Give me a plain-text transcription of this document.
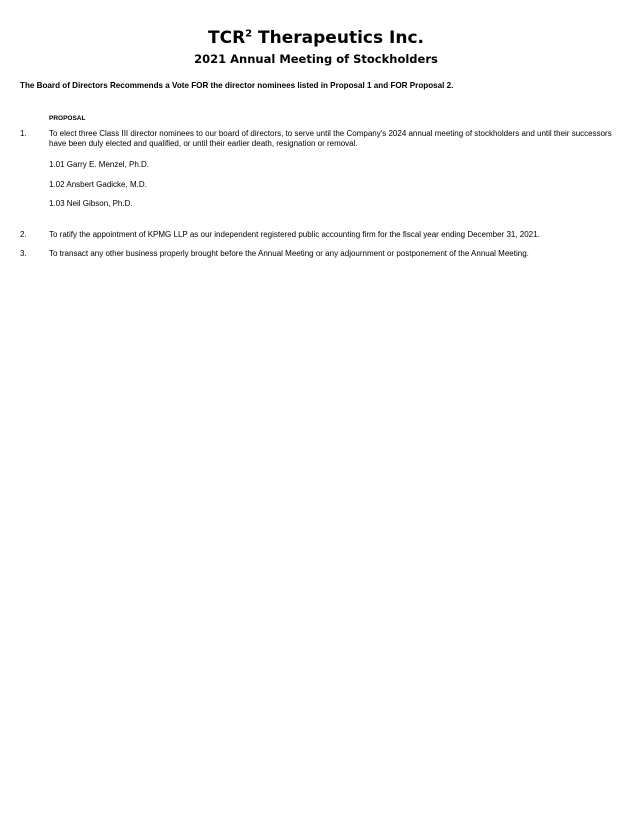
TCR$^2$ Therapeutics Inc.
2021 Annual Meeting of Stockholders
The Board of Directors Recommends a Vote FOR the director nominees listed in Proposal 1 and FOR Proposal 2.
PROPOSAL
1.	To elect three Class III director nominees to our board of directors, to serve until the Company's 2024 annual meeting of stockholders and until their successors have been duly elected and qualified, or until their earlier death, resignation or removal.
1.01 Garry E. Menzel, Ph.D.
1.02 Ansbert Gadicke, M.D.
1.03 Neil Gibson, Ph.D.
2.	To ratify the appointment of KPMG LLP as our independent registered public accounting firm for the fiscal year ending December 31, 2021.
3.	To transact any other business properly brought before the Annual Meeting or any adjournment or postponement of the Annual Meeting.
